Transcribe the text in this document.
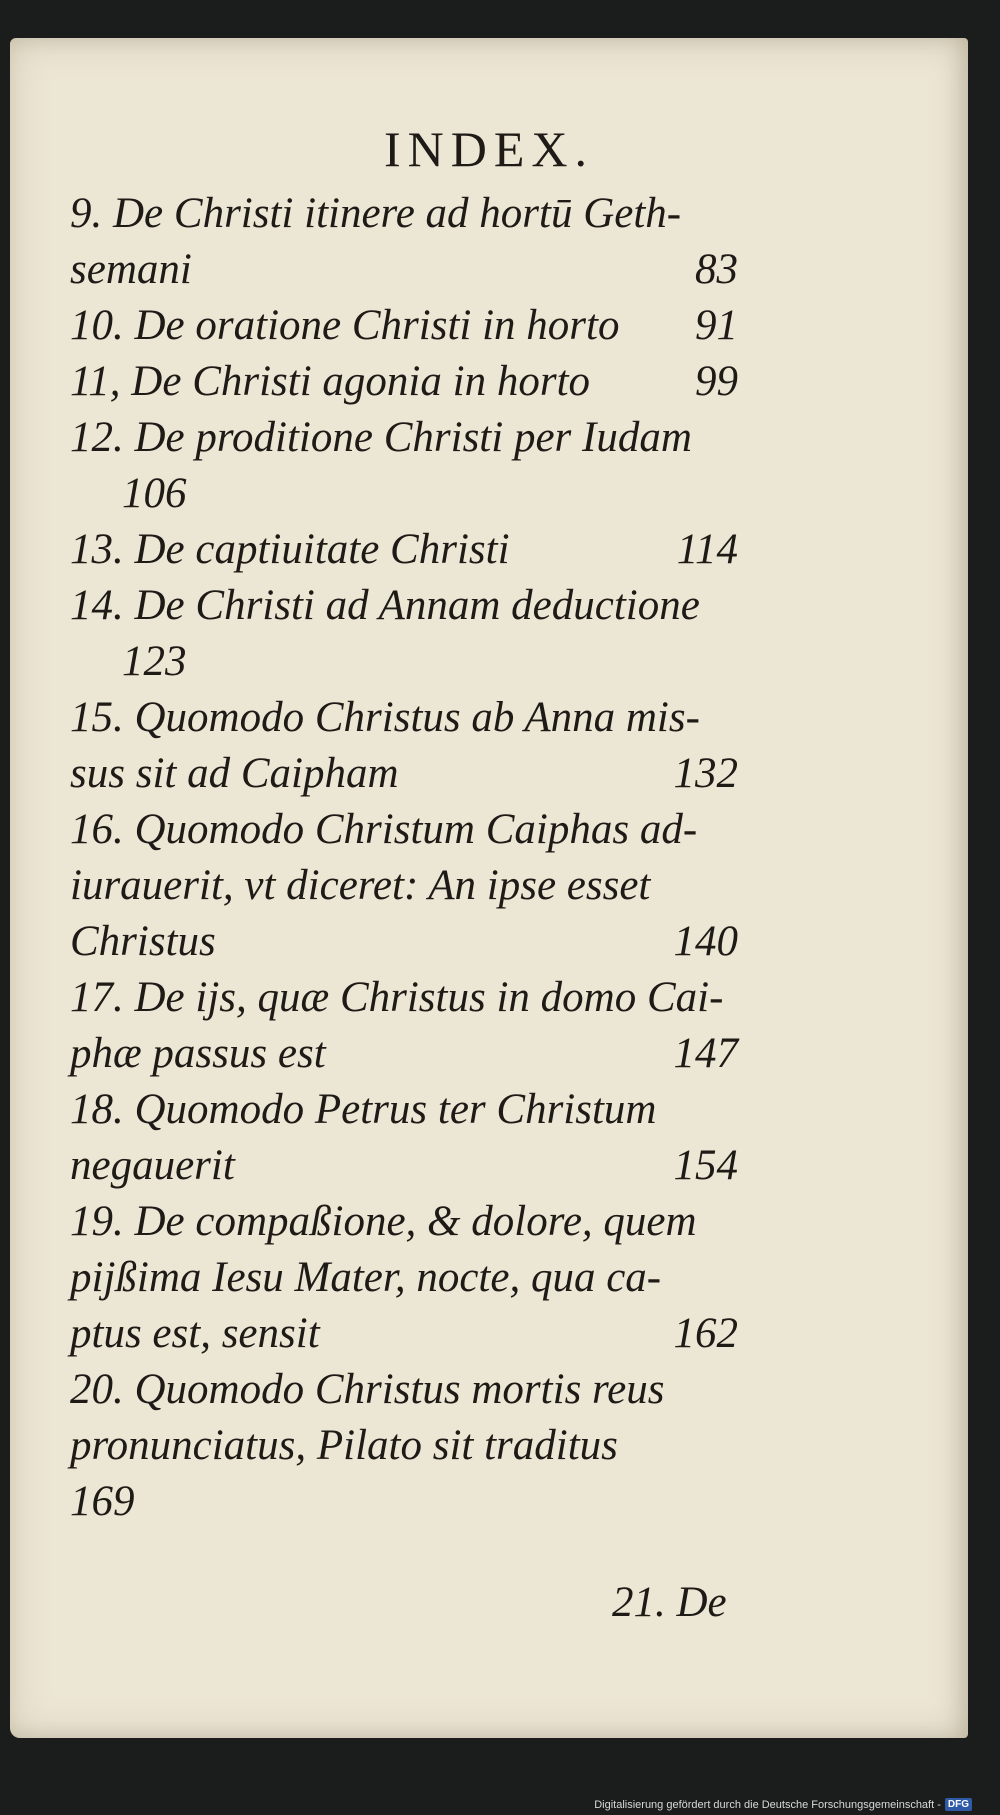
INDEX.
9. De Christi itinere ad hortū Geth-
semani	83
10. De oratione Christi in horto	91
11, De Christi agonia in horto	99
12. De proditione Christi per Iudam
106
13. De captiuitate Christi	114
14. De Christi ad Annam deductione
123
15. Quomodo Christus ab Anna mis-
sus sit ad Caipham	132
16. Quomodo Christum Caiphas ad-
iurauerit, vt diceret: An ipse esset
Christus	140
17. De ijs, quæ Christus in domo Cai-
phæ passus est	147
18. Quomodo Petrus ter Christum
negauerit	154
19. De compaßione, & dolore, quem
pijßima Iesu Mater, nocte, qua ca-
ptus est, sensit	162
20. Quomodo Christus mortis reus
pronunciatus, Pilato sit traditus
169
21. De
Digitalisierung gefördert durch die Deutsche Forschungsgemeinschaft - DFG
